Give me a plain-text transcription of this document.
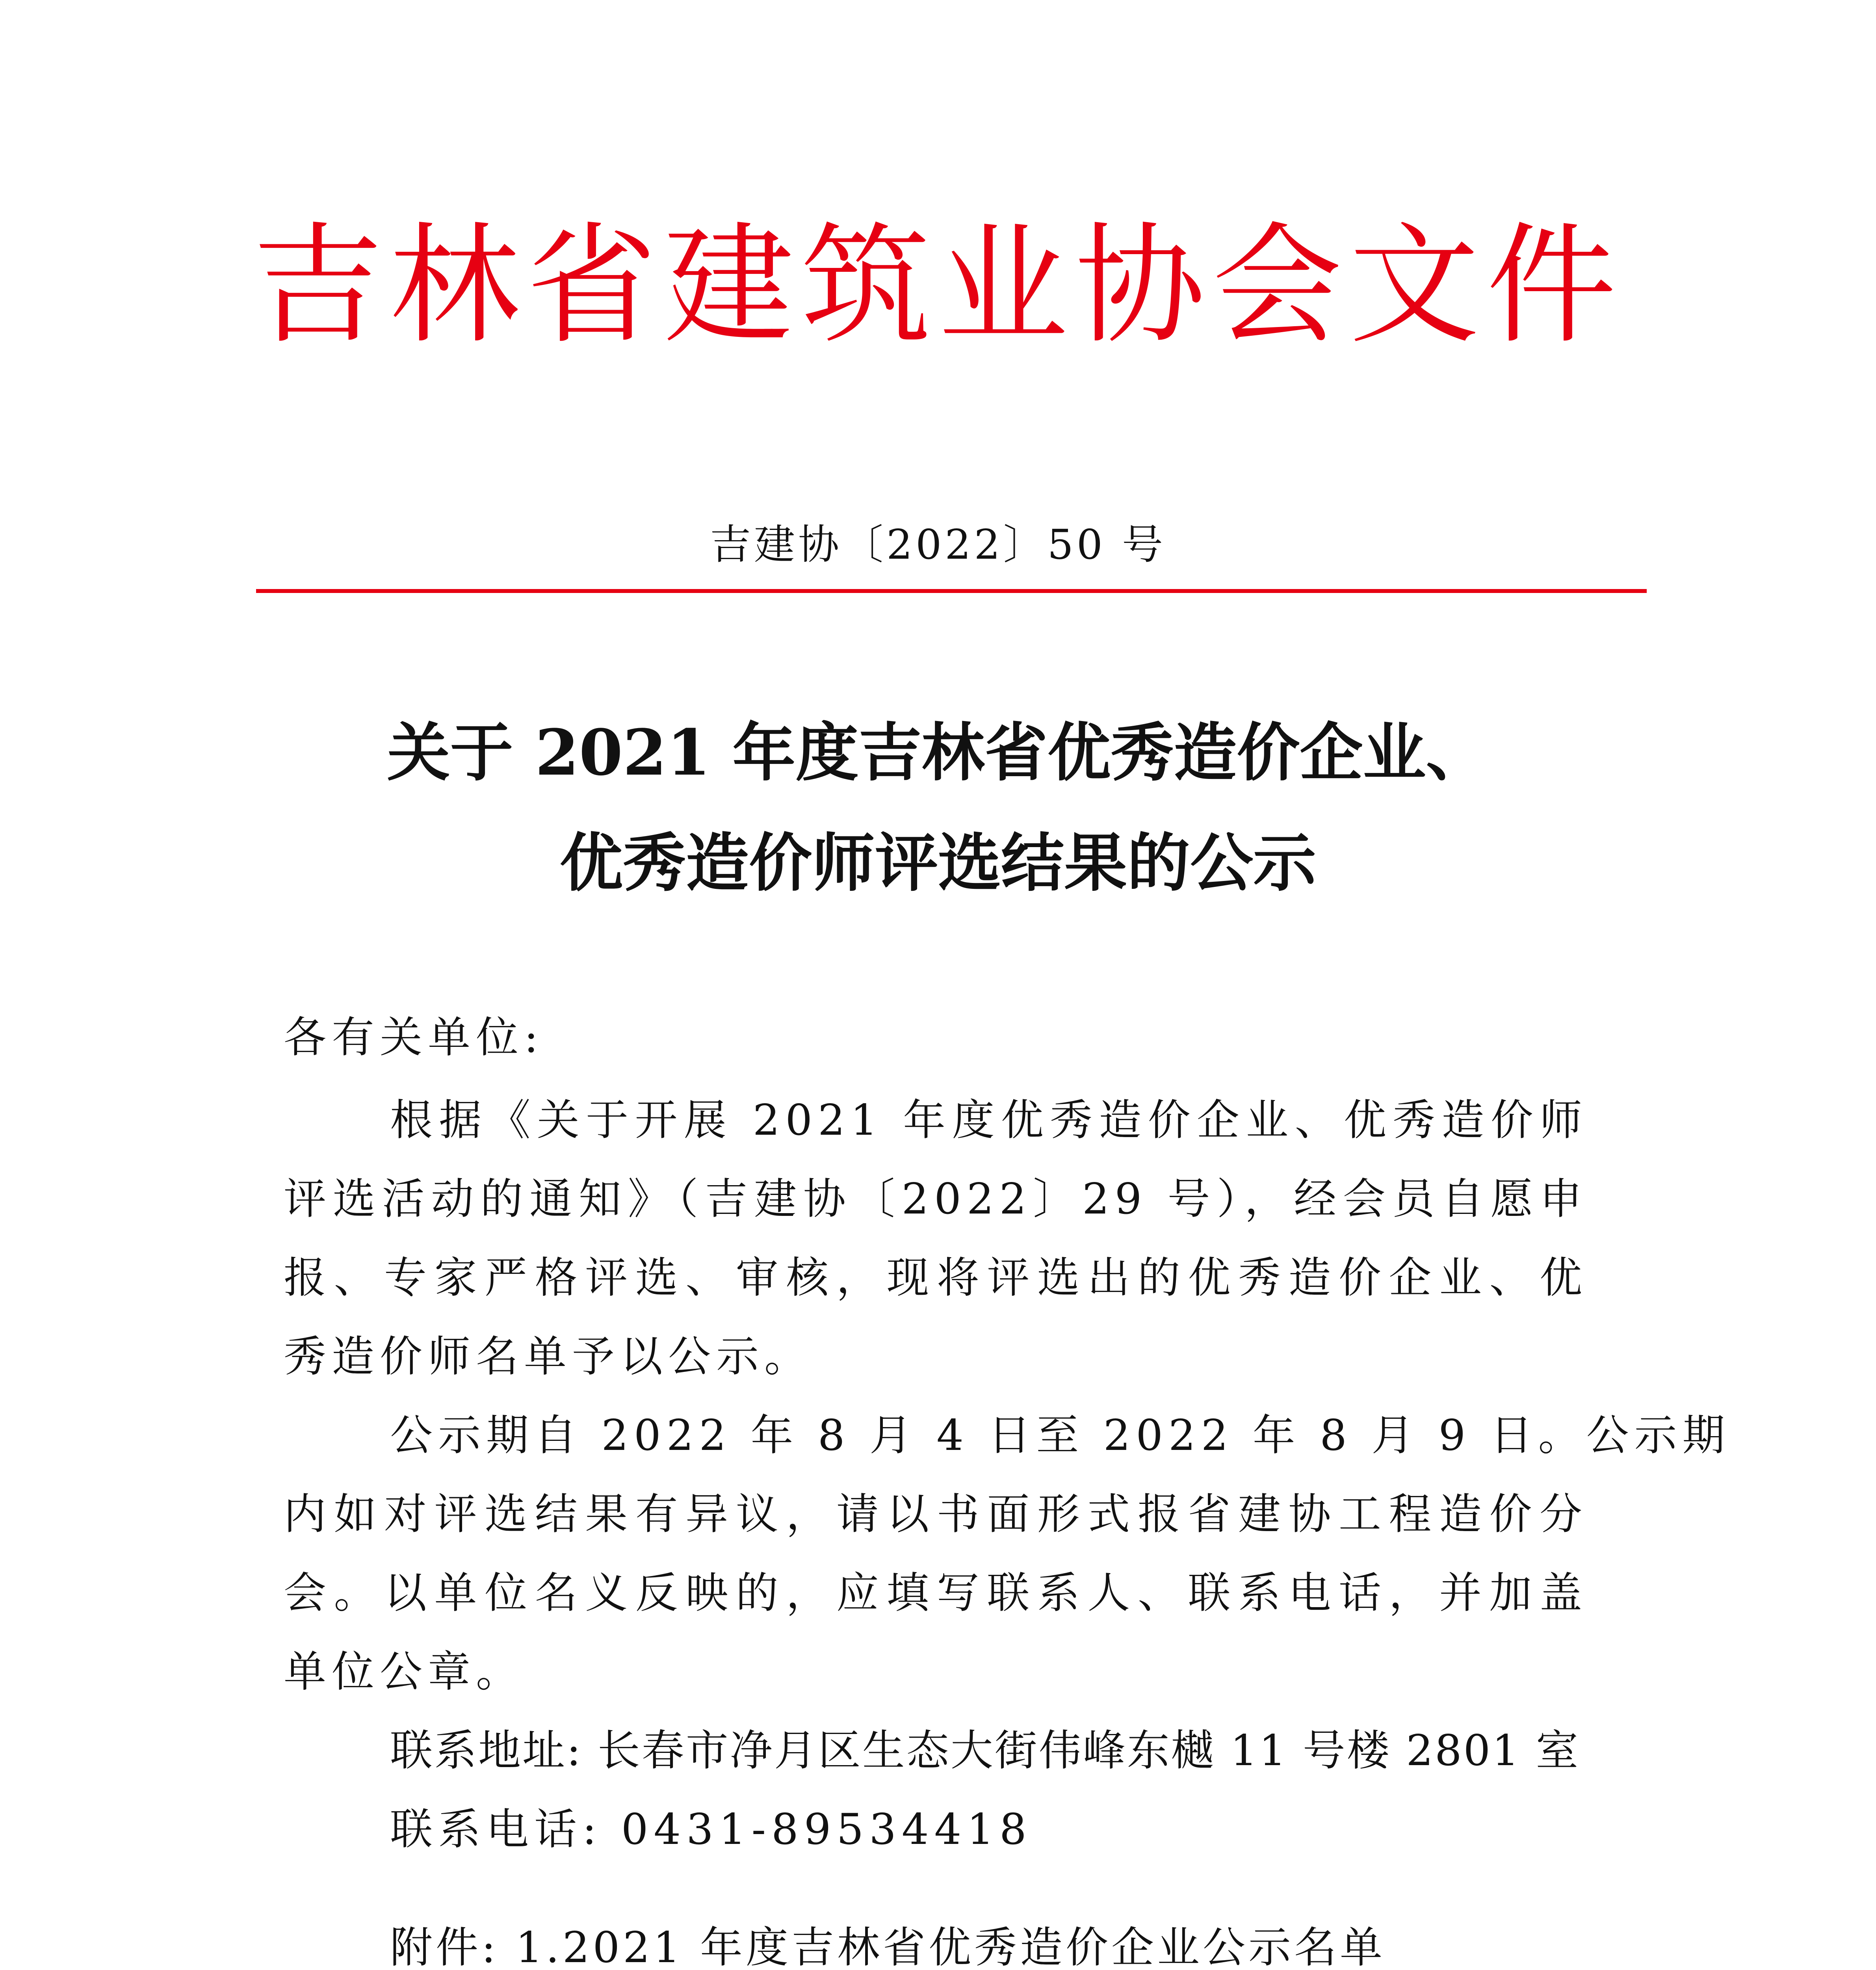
吉林省建筑业协会文件
吉建协〔2022〕50 号
关于 2021 年度吉林省优秀造价企业、
优秀造价师评选结果的公示
各有关单位:
根据《关于开展 2021 年度优秀造价企业、优秀造价师
评选活动的通知》（吉建协〔2022〕29 号），经会员自愿申
报、专家严格评选、审核，现将评选出的优秀造价企业、优
秀造价师名单予以公示。
公示期自 2022 年 8 月 4 日至 2022 年 8 月 9 日。公示期
内如对评选结果有异议，请以书面形式报省建协工程造价分
会。以单位名义反映的，应填写联系人、联系电话，并加盖
单位公章。
联系地址: 长春市净月区生态大街伟峰东樾 11 号楼 2801 室
联系电话: 0431-89534418
附件: 1.2021 年度吉林省优秀造价企业公示名单
